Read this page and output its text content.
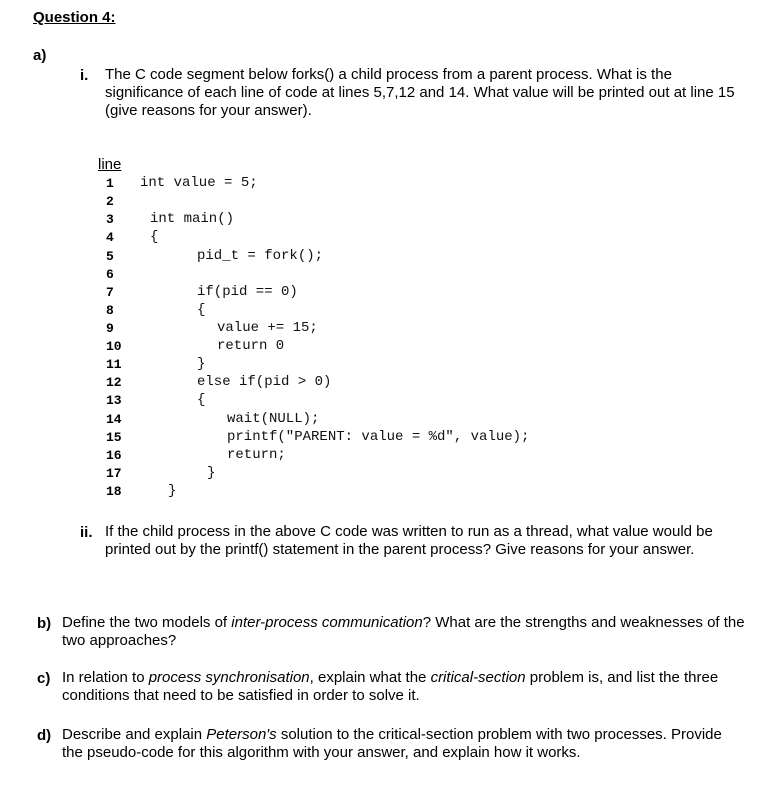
Question 4:
a)
i. The C code segment below forks() a child process from a parent process. What is the significance of each line of code at lines 5,7,12 and 14. What value will be printed out at line 15 (give reasons for your answer).
line
1 int value = 5;
2
3	int main()
4	{
5	pid_t = fork();
6
7	if(pid == 0)
8	{
9	value += 15;
10	return 0
11	}
12	else if(pid > 0)
13	{
14	wait(NULL);
15	printf("PARENT: value = %d", value);
16	return;
17	}
18	}
ii. If the child process in the above C code was written to run as a thread, what value would be printed out by the printf() statement in the parent process? Give reasons for your answer.
b) Define the two models of inter-process communication? What are the strengths and weaknesses of the two approaches?
c) In relation to process synchronisation, explain what the critical-section problem is, and list the three conditions that need to be satisfied in order to solve it.
d) Describe and explain Peterson's solution to the critical-section problem with two processes. Provide the pseudo-code for this algorithm with your answer, and explain how it works.
